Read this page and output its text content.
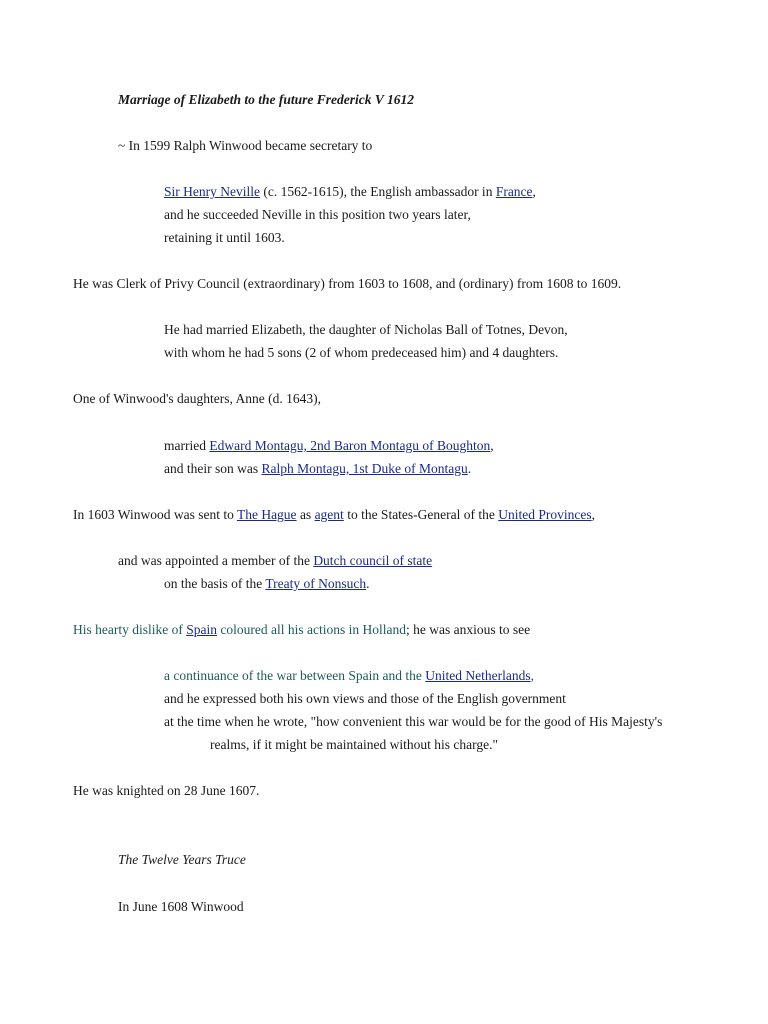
Marriage of Elizabeth to the future Frederick V 1612
~ In 1599 Ralph Winwood became secretary to
Sir Henry Neville (c. 1562-1615), the English ambassador in France,
and he succeeded Neville in this position two years later,
retaining it until 1603.
He was Clerk of Privy Council (extraordinary) from 1603 to 1608, and (ordinary) from 1608 to 1609.
He had married Elizabeth, the daughter of Nicholas Ball of Totnes, Devon,
with whom he had 5 sons (2 of whom predeceased him) and 4 daughters.
One of Winwood's daughters, Anne (d. 1643),
married Edward Montagu, 2nd Baron Montagu of Boughton,
and their son was Ralph Montagu, 1st Duke of Montagu.
In 1603 Winwood was sent to The Hague as agent to the States-General of the United Provinces,
and was appointed a member of the Dutch council of state
on the basis of the Treaty of Nonsuch.
His hearty dislike of Spain coloured all his actions in Holland; he was anxious to see
a continuance of the war between Spain and the United Netherlands,
and he expressed both his own views and those of the English government
at the time when he wrote, "how convenient this war would be for the good of His Majesty's
realms, if it might be maintained without his charge."
He was knighted on 28 June 1607.
The Twelve Years Truce
In June 1608 Winwood
